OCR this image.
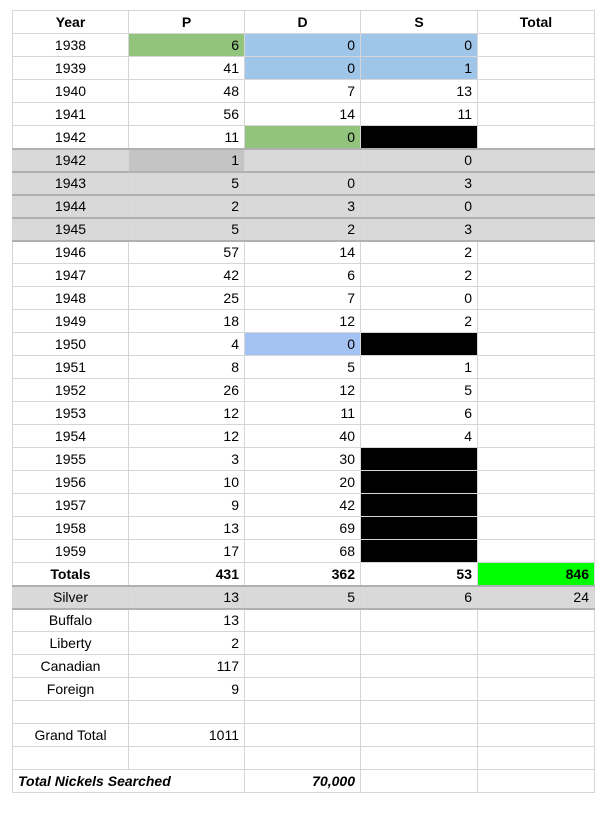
Year	P	D	S	Total
1938	6	0	0	
1939	41	0	1	
1940	48	7	13	
1941	56	14	11	
1942	11	0		
1942	1		0	
1943	5	0	3	
1944	2	3	0	
1945	5	2	3	
1946	57	14	2	
1947	42	6	2	
1948	25	7	0	
1949	18	12	2	
1950	4	0		
1951	8	5	1	
1952	26	12	5	
1953	12	11	6	
1954	12	40	4	
1955	3	30		
1956	10	20		
1957	9	42		
1958	13	69		
1959	17	68		
Totals	431	362	53	846
Silver	13	5	6	24
Buffalo	13			
Liberty	2			
Canadian	117			
Foreign	9			

Grand Total	1011			

Total Nickels Searched		70,000		
